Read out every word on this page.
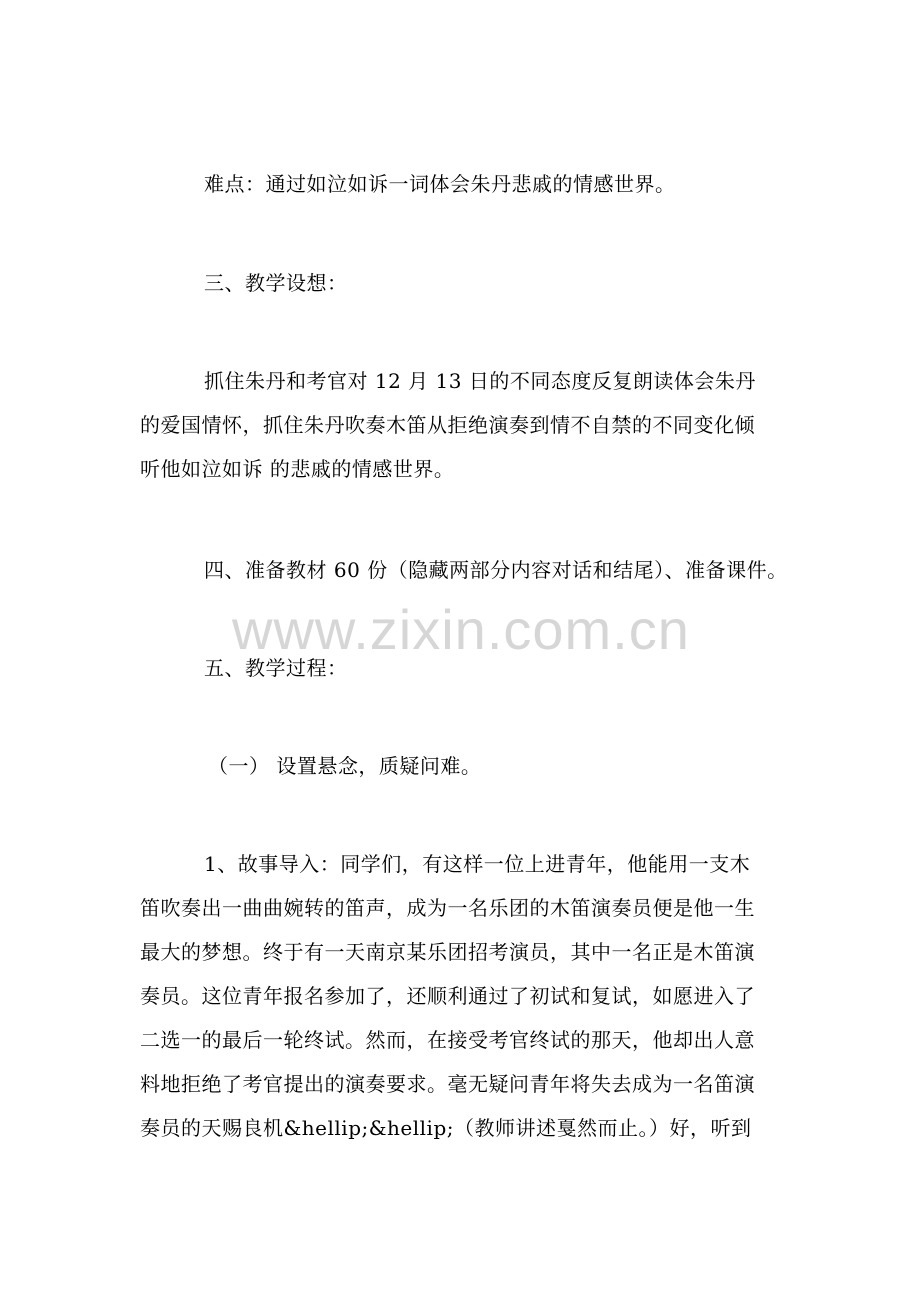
难点：通过如泣如诉一词体会朱丹悲戚的情感世界。
三、教学设想：
抓住朱丹和考官对 12 月 13 日的不同态度反复朗读体会朱丹
的爱国情怀，抓住朱丹吹奏木笛从拒绝演奏到情不自禁的不同变化倾
听他如泣如诉 的悲戚的情感世界。
四、准备教材 60 份（隐藏两部分内容对话和结尾）、准备课件。
www.zixin.com.cn
五、教学过程：
（一） 设置悬念，质疑问难。
1、故事导入：同学们，有这样一位上进青年，他能用一支木
笛吹奏出一曲曲婉转的笛声，成为一名乐团的木笛演奏员便是他一生
最大的梦想。终于有一天南京某乐团招考演员，其中一名正是木笛演
奏员。这位青年报名参加了，还顺利通过了初试和复试，如愿进入了
二选一的最后一轮终试。然而，在接受考官终试的那天，他却出人意
料地拒绝了考官提出的演奏要求。毫无疑问青年将失去成为一名笛演
奏员的天赐良机&hellip;&hellip;（教师讲述戛然而止。）好，听到
